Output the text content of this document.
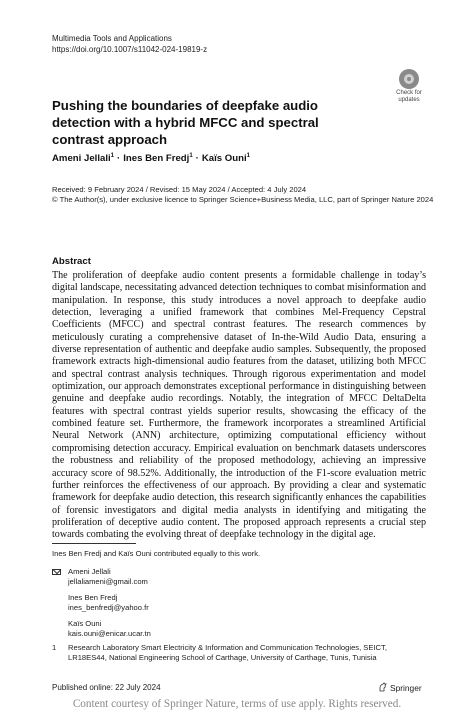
Multimedia Tools and Applications
https://doi.org/10.1007/s11042-024-19819-z
Check for
updates
Pushing the boundaries of deepfake audio detection with a hybrid MFCC and spectral contrast approach
Ameni Jellali$^1$ · Ines Ben Fredj$^1$ · Kaïs Ouni$^1$
Received: 9 February 2024 / Revised: 15 May 2024 / Accepted: 4 July 2024
© The Author(s), under exclusive licence to Springer Science+Business Media, LLC, part of Springer Nature 2024
Abstract

The proliferation of deepfake audio content presents a formidable challenge in today’s digital landscape, necessitating advanced detection techniques to combat misinformation and manipulation. In response, this study introduces a novel approach to deepfake audio detection, leveraging a unified framework that combines Mel-Frequency Cepstral Coefficients (MFCC) and spectral contrast features. The research commences by meticulously curating a comprehensive dataset of In-the-Wild Audio Data, ensuring a diverse representation of authentic and deepfake audio samples. Subsequently, the proposed framework extracts high-dimensional audio features from the dataset, utilizing both MFCC and spectral contrast analysis techniques. Through rigorous experimentation and model optimization, our approach demonstrates exceptional performance in distinguishing between genuine and deepfake audio recordings. Notably, the integration of MFCC DeltaDelta features with spectral contrast yields superior results, showcasing the efficacy of the combined feature set. Furthermore, the framework incorporates a streamlined Artificial Neural Network (ANN) architecture, optimizing computational efficiency without compromising detection accuracy. Empirical evaluation on benchmark datasets underscores the robustness and reliability of the proposed methodology, achieving an impressive accuracy score of 98.52%. Additionally, the introduction of the F1-score evaluation metric further reinforces the effectiveness of our approach. By providing a clear and systematic framework for deepfake audio detection, this research significantly enhances the capabilities of forensic investigators and digital media analysts in identifying and mitigating the proliferation of deceptive audio content. The proposed approach represents a crucial step towards combating the evolving threat of deepfake technology in the digital age.

Ines Ben Fredj and Kaïs Ouni contributed equally to this work.
Ameni Jellali
jellaliameni@gmail.com
Ines Ben Fredj
ines_benfredj@yahoo.fr
Kaïs Ouni
kais.ouni@enicar.ucar.tn
1 Research Laboratory Smart Electricity & Information and Communication Technologies, SEICT, LR18ES44, National Engineering School of Carthage, University of Carthage, Tunis, Tunisia
Published online: 22 July 2024	Springer
Content courtesy of Springer Nature, terms of use apply. Rights reserved.
